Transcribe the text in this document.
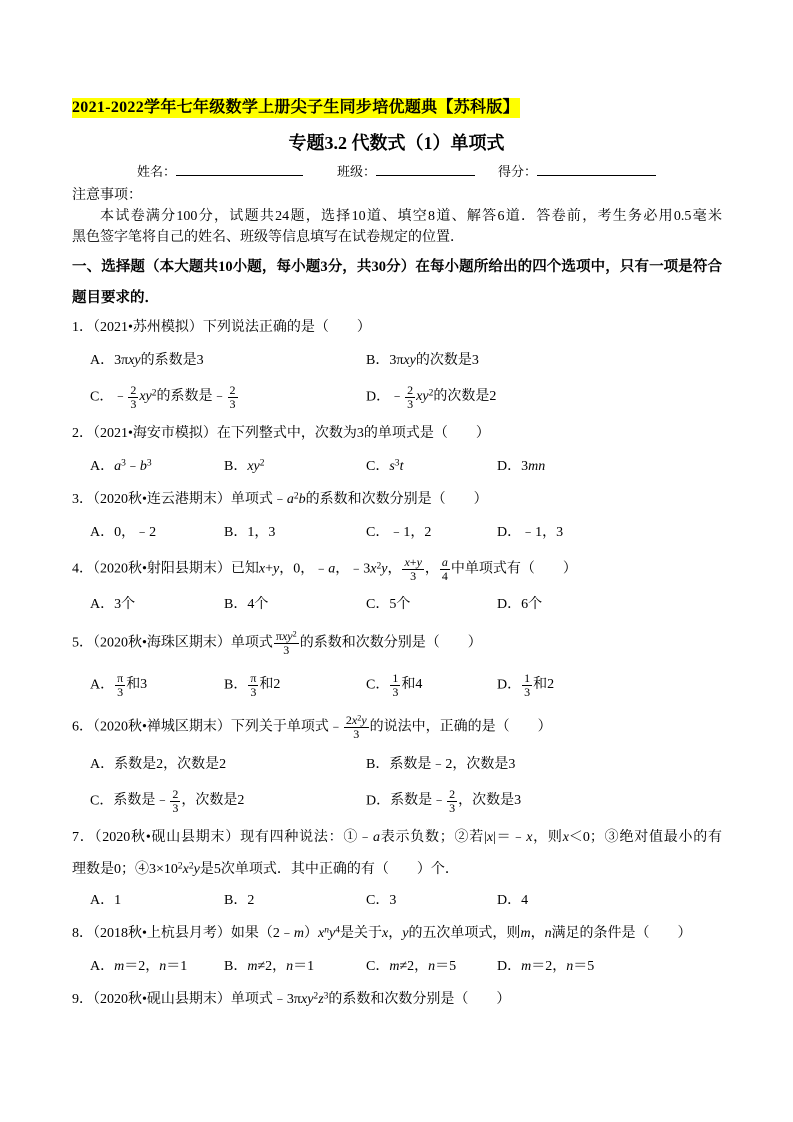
2021-2022学年七年级数学上册尖子生同步培优题典【苏科版】
专题3.2 代数式（1）单项式
姓名：	班级：	得分：
注意事项：
本试卷满分100分，试题共24题，选择10道、填空8道、解答6道．答卷前，考生务必用0.5毫米
黑色签字笔将自己的姓名、班级等信息填写在试卷规定的位置．
一、选择题（本大题共10小题，每小题3分，共30分）在每小题所给出的四个选项中，只有一项是符合
题目要求的．
1．（2021•苏州模拟）下列说法正确的是（　　）
A．3πxy的系数是3	B．3πxy的次数是3
C．﹣ $\frac{2}{3} xy^2$的系数是﹣ $\frac{2}{3}$	D．﹣ $\frac{2}{3} xy^2$的次数是2
2．（2021•海安市模拟）在下列整式中，次数为3的单项式是（　　）
A．$a^3﹣b^3$	B．$xy^2$	C．$s^3t$	D．3mn
3．（2020秋•连云港期末）单项式$﹣a^2b$的系数和次数分别是（　　）
A．0，﹣2	B．1，3	C．﹣1，2	D．﹣1，3
4．（2020秋•射阳县期末）已知x+y，0，﹣a，$﹣3x^2y$， $\frac{x+y}{3}$ ， $\frac{a}{4}$ 中单项式有（　　）
A．3个	B．4个	C．5个	D．6个
5．（2020秋•海珠区期末）单项式 $\frac{\pi xy^2}{3}$ 的系数和次数分别是（　　）
A． $\frac{\pi}{3}$ 和3	B． $\frac{\pi}{3}$ 和2	C． $\frac{1}{3}$ 和4	D． $\frac{1}{3}$ 和2
6．（2020秋•禅城区期末）下列关于单项式﹣ $\frac{2x^2y}{3}$ 的说法中，正确的是（　　）
A．系数是2，次数是2	B．系数是﹣2，次数是3
C．系数是﹣ $\frac{2}{3}$ ，次数是2	D．系数是﹣ $\frac{2}{3}$ ，次数是3
7．（2020秋•砚山县期末）现有四种说法：①﹣a表示负数；②若|x|＝﹣x，则x＜0；③绝对值最小的有
理数是0；$④3\times 10^2x^2y$是5次单项式．其中正确的有（　　）个．
A．1	B．2	C．3	D．4
8．（2018秋•上杭县月考）如果$(2﹣m)x^ny^4$是关于x，y的五次单项式，则m，n满足的条件是（　　）
A．m＝2，n＝1	B．m≠2，n＝1	C．m≠2，n＝5	D．m＝2，n＝5
9．（2020秋•砚山县期末）单项式$﹣3\pi xy^2z^3$的系数和次数分别是（　　）
